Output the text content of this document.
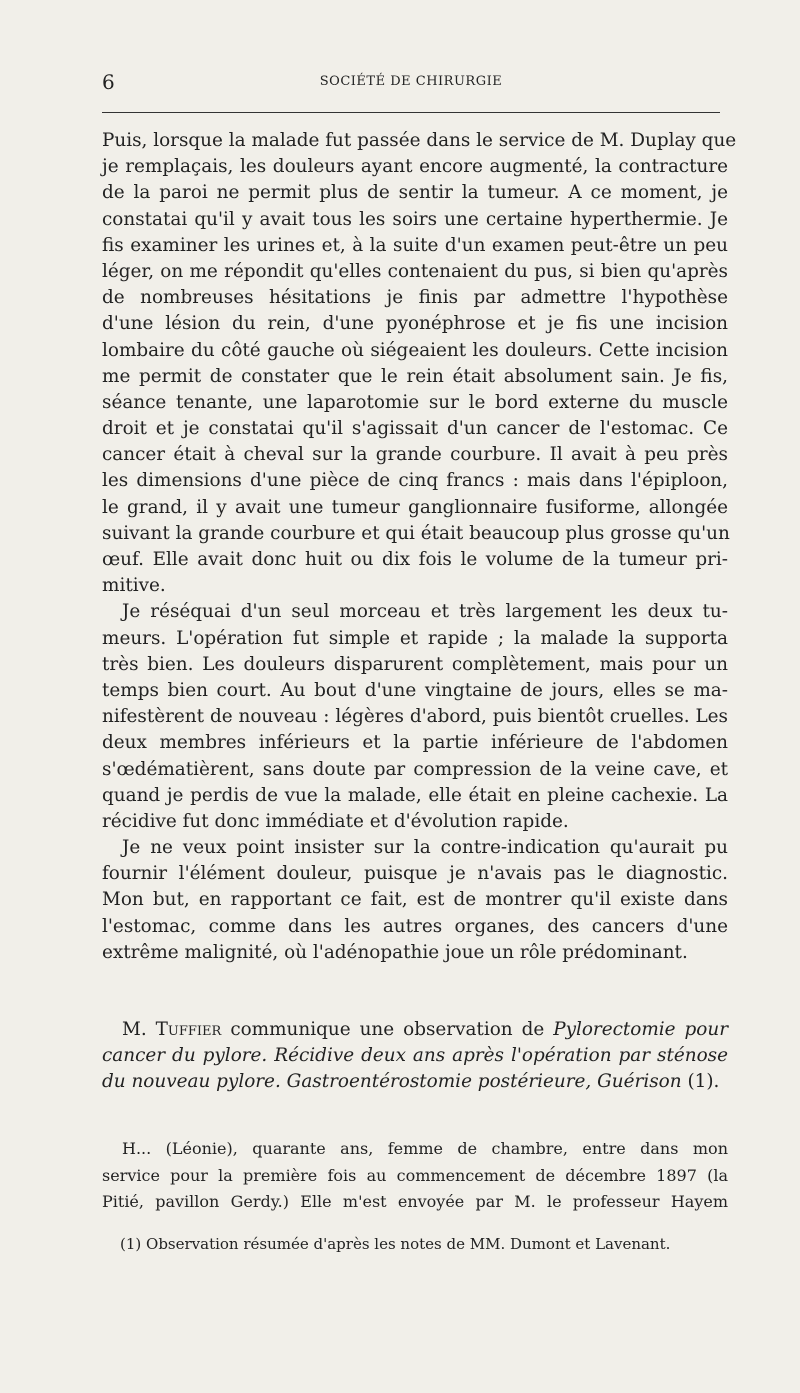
6	SOCIÉTÉ DE CHIRURGIE
Puis, lorsque la malade fut passée dans le service de M. Duplay que
je remplaçais, les douleurs ayant encore augmenté, la contracture
de la paroi ne permit plus de sentir la tumeur. A ce moment, je
constatai qu'il y avait tous les soirs une certaine hyperthermie. Je
fis examiner les urines et, à la suite d'un examen peut-être un peu
léger, on me répondit qu'elles contenaient du pus, si bien qu'après
de nombreuses hésitations je finis par admettre l'hypothèse
d'une lésion du rein, d'une pyonéphrose et je fis une incision
lombaire du côté gauche où siégeaient les douleurs. Cette incision
me permit de constater que le rein était absolument sain. Je fis,
séance tenante, une laparotomie sur le bord externe du muscle
droit et je constatai qu'il s'agissait d'un cancer de l'estomac. Ce
cancer était à cheval sur la grande courbure. Il avait à peu près
les dimensions d'une pièce de cinq francs : mais dans l'épiploon,
le grand, il y avait une tumeur ganglionnaire fusiforme, allongée
suivant la grande courbure et qui était beaucoup plus grosse qu'un
œuf. Elle avait donc huit ou dix fois le volume de la tumeur pri-
mitive.
Je réséquai d'un seul morceau et très largement les deux tu-
meurs. L'opération fut simple et rapide ; la malade la supporta
très bien. Les douleurs disparurent complètement, mais pour un
temps bien court. Au bout d'une vingtaine de jours, elles se ma-
nifestèrent de nouveau : légères d'abord, puis bientôt cruelles. Les
deux membres inférieurs et la partie inférieure de l'abdomen
s'œdématièrent, sans doute par compression de la veine cave, et
quand je perdis de vue la malade, elle était en pleine cachexie. La
récidive fut donc immédiate et d'évolution rapide.
Je ne veux point insister sur la contre-indication qu'aurait pu
fournir l'élément douleur, puisque je n'avais pas le diagnostic.
Mon but, en rapportant ce fait, est de montrer qu'il existe dans
l'estomac, comme dans les autres organes, des cancers d'une
extrême malignité, où l'adénopathie joue un rôle prédominant.
M. Tuffier communique une observation de Pylorectomie pour
cancer du pylore. Récidive deux ans après l'opération par sténose
du nouveau pylore. Gastroentérostomie postérieure, Guérison (1).
H... (Léonie), quarante ans, femme de chambre, entre dans mon
service pour la première fois au commencement de décembre 1897 (la
Pitié, pavillon Gerdy.) Elle m'est envoyée par M. le professeur Hayem
(1) Observation résumée d'après les notes de MM. Dumont et Lavenant.
